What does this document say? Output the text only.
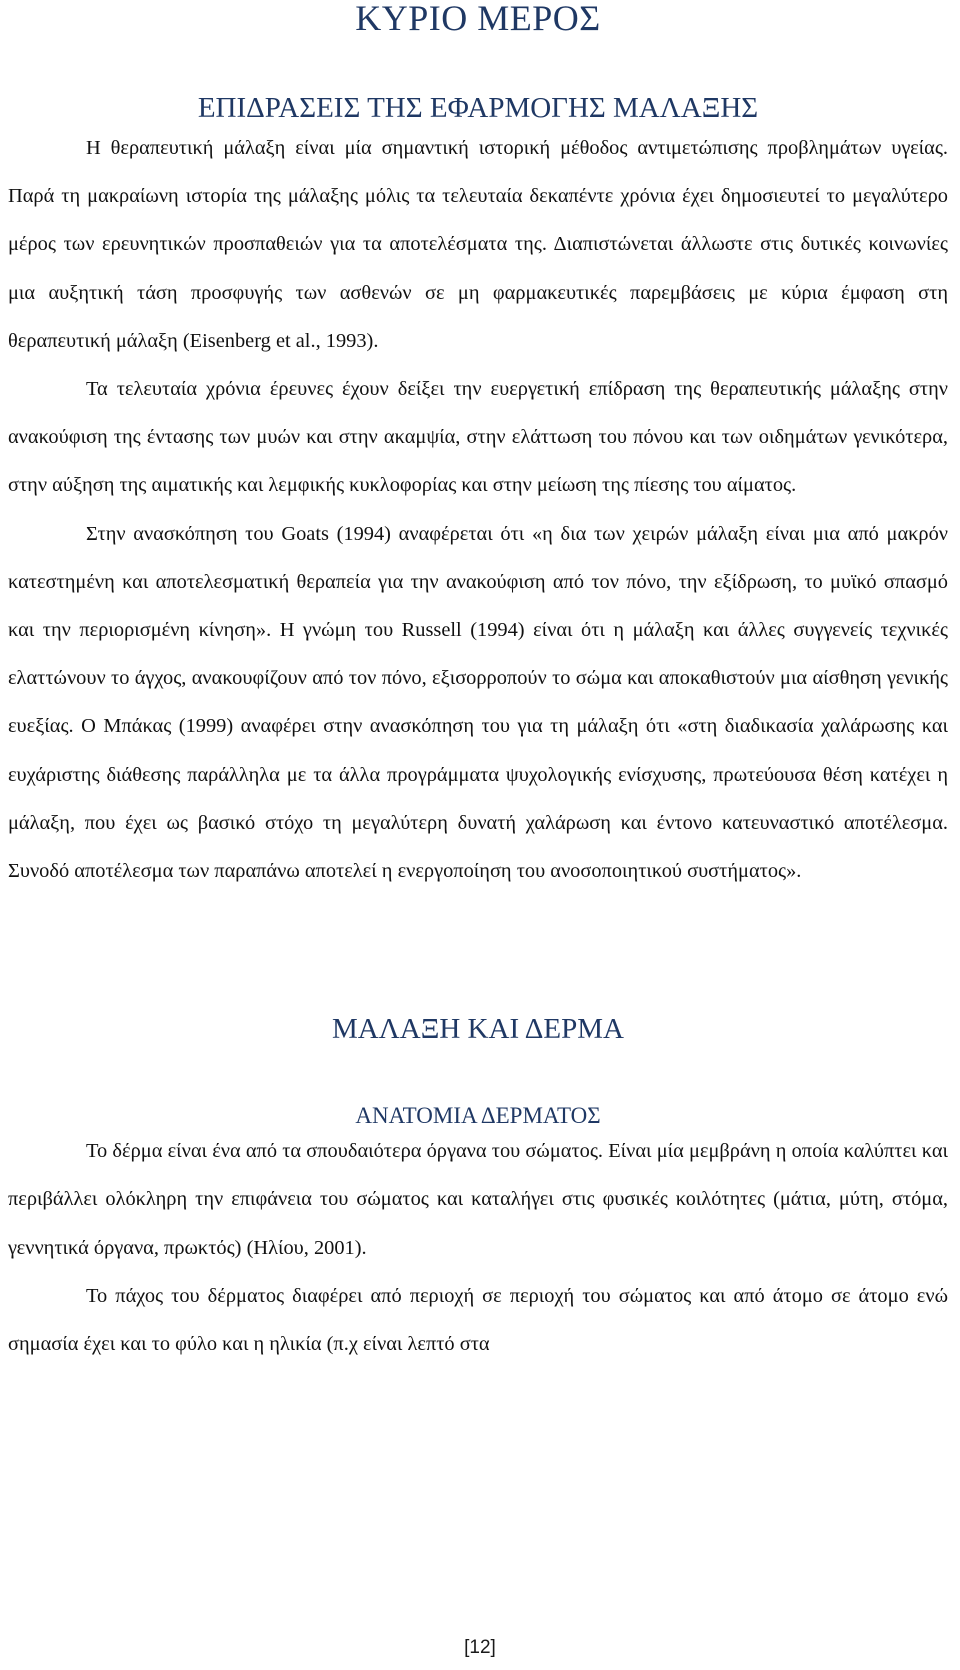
ΚΥΡΙΟ ΜΕΡΟΣ
ΕΠΙΔΡΑΣΕΙΣ ΤΗΣ ΕΦΑΡΜΟΓΗΣ ΜΑΛΑΞΗΣ

Η θεραπευτική μάλαξη είναι μία σημαντική ιστορική μέθοδος αντιμετώπισης προβλημάτων υγείας. Παρά τη μακραίωνη ιστορία της μάλαξης μόλις τα τελευταία δεκαπέντε χρόνια έχει δημοσιευτεί το μεγαλύτερο μέρος των ερευνητικών προσπαθειών για τα αποτελέσματα της. Διαπιστώνεται άλλωστε στις δυτικές κοινωνίες μια αυξητική τάση προσφυγής των ασθενών σε μη φαρμακευτικές παρεμβάσεις με κύρια έμφαση στη θεραπευτική μάλαξη (Eisenberg et al., 1993).

Τα τελευταία χρόνια έρευνες έχουν δείξει την ευεργετική επίδραση της θεραπευτικής μάλαξης στην ανακούφιση της έντασης των μυών και στην ακαμψία, στην ελάττωση του πόνου και των οιδημάτων γενικότερα, στην αύξηση της αιματικής και λεμφικής κυκλοφορίας και στην μείωση της πίεσης του αίματος.

Στην ανασκόπηση του Goats (1994) αναφέρεται ότι «η δια των χειρών μάλαξη είναι μια από μακρόν κατεστημένη και αποτελεσματική θεραπεία για την ανακούφιση από τον πόνο, την εξίδρωση, το μυϊκό σπασμό και την περιορισμένη κίνηση». Η γνώμη του Russell (1994) είναι ότι η μάλαξη και άλλες συγγενείς τεχνικές ελαττώνουν το άγχος, ανακουφίζουν από τον πόνο, εξισορροπούν το σώμα και αποκαθιστούν μια αίσθηση γενικής ευεξίας. Ο Μπάκας (1999) αναφέρει στην ανασκόπηση του για τη μάλαξη ότι «στη διαδικασία χαλάρωσης και ευχάριστης διάθεσης παράλληλα με τα άλλα προγράμματα ψυχολογικής ενίσχυσης, πρωτεύουσα θέση κατέχει η μάλαξη, που έχει ως βασικό στόχο τη μεγαλύτερη δυνατή χαλάρωση και έντονο κατευναστικό αποτέλεσμα. Συνοδό αποτέλεσμα των παραπάνω αποτελεί η ενεργοποίηση του ανοσοποιητικού συστήματος».

ΜΑΛΑΞΗ ΚΑΙ ΔΕΡΜΑ
ΑΝΑΤΟΜΙΑ ΔΕΡΜΑΤΟΣ

Το δέρμα είναι ένα από τα σπουδαιότερα όργανα του σώματος. Είναι μία μεμβράνη η οποία καλύπτει και περιβάλλει ολόκληρη την επιφάνεια του σώματος και καταλήγει στις φυσικές κοιλότητες (μάτια, μύτη, στόμα, γεννητικά όργανα, πρωκτός) (Ηλίου, 2001).

Το πάχος του δέρματος διαφέρει από περιοχή σε περιοχή του σώματος και από άτομο σε άτομο ενώ σημασία έχει και το φύλο και η ηλικία (π.χ είναι λεπτό στα

[12]
